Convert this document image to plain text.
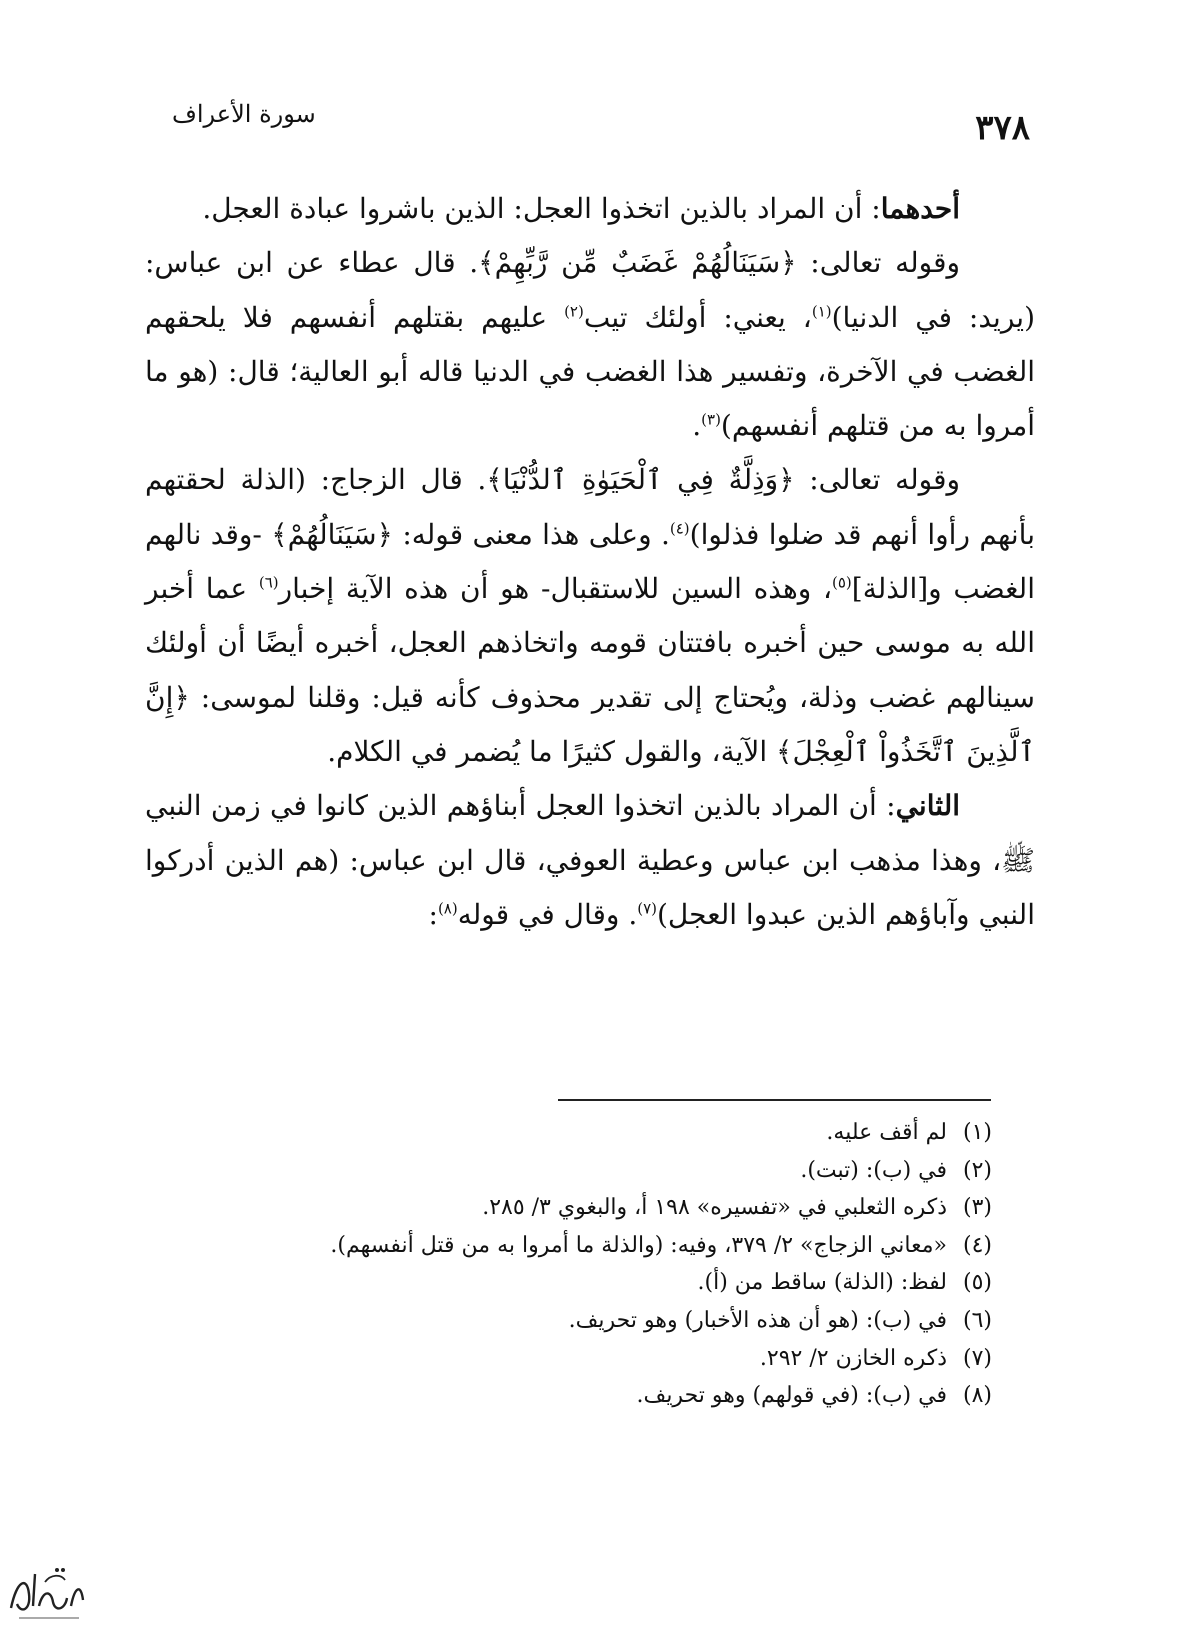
٣٧٨
سورة الأعراف

أحدهما: أن المراد بالذين اتخذوا العجل: الذين باشروا عبادة العجل.

وقوله تعالى: ﴿سَيَنَالُهُمْ غَضَبٌ مِّن رَّبِّهِمْ﴾. قال عطاء عن ابن عباس: (يريد: في الدنيا)$^{(١)}$، يعني: أولئك تيب$^{(٢)}$ عليهم بقتلهم أنفسهم فلا يلحقهم الغضب في الآخرة، وتفسير هذا الغضب في الدنيا قاله أبو العالية؛ قال: (هو ما أمروا به من قتلهم أنفسهم)$^{(٣)}$.

وقوله تعالى: ﴿وَذِلَّةٌ فِي ٱلْحَيَوٰةِ ٱلدُّنْيَا﴾. قال الزجاج: (الذلة لحقتهم بأنهم رأوا أنهم قد ضلوا فذلوا)$^{(٤)}$. وعلى هذا معنى قوله: ﴿سَيَنَالُهُمْ﴾ -وقد نالهم الغضب و[الذلة]$^{(٥)}$، وهذه السين للاستقبال- هو أن هذه الآية إخبار$^{(٦)}$ عما أخبر الله به موسى حين أخبره بافتتان قومه واتخاذهم العجل، أخبره أيضًا أن أولئك سينالهم غضب وذلة، ويُحتاج إلى تقدير محذوف كأنه قيل: وقلنا لموسى: ﴿إِنَّ ٱلَّذِينَ ٱتَّخَذُواْ ٱلْعِجْلَ﴾ الآية، والقول كثيرًا ما يُضمر في الكلام.

الثاني: أن المراد بالذين اتخذوا العجل أبناؤهم الذين كانوا في زمن النبي ﷺ، وهذا مذهب ابن عباس وعطية العوفي، قال ابن عباس: (هم الذين أدركوا النبي وآباؤهم الذين عبدوا العجل)$^{(٧)}$. وقال في قوله$^{(٨)}$:

(١) لم أقف عليه.
(٢) في (ب): (تبت).
(٣) ذكره الثعلبي في «تفسيره» ١٩٨ أ، والبغوي ٣/ ٢٨٥.
(٤) «معاني الزجاج» ٢/ ٣٧٩، وفيه: (والذلة ما أمروا به من قتل أنفسهم).
(٥) لفظ: (الذلة) ساقط من (أ).
(٦) في (ب): (هو أن هذه الأخبار) وهو تحريف.
(٧) ذكره الخازن ٢/ ٢٩٢.
(٨) في (ب): (في قولهم) وهو تحريف.
